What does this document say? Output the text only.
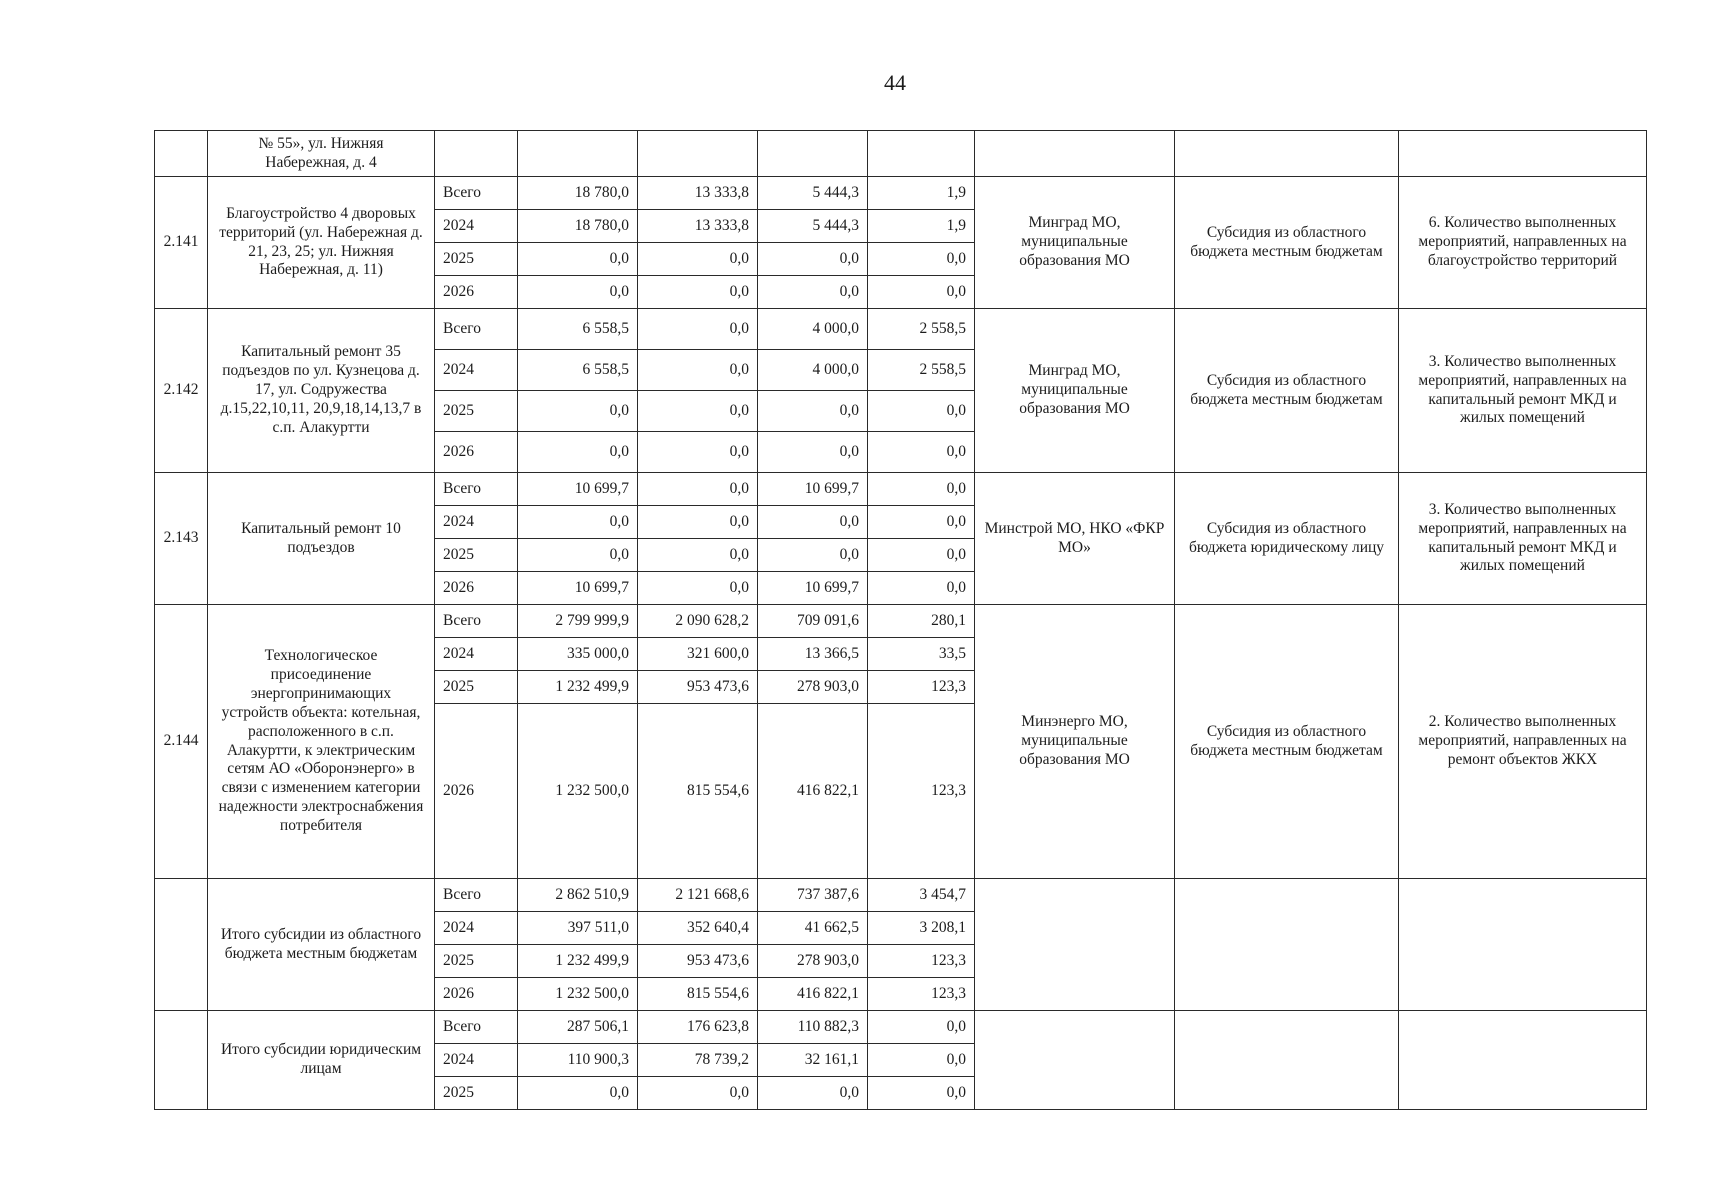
44
	№ 55», ул. Нижняя Набережная, д. 4								
2.141	Благоустройство 4 дворовых территорий (ул. Набережная д. 21, 23, 25; ул. Нижняя Набережная, д. 11)	Всего	18 780,0	13 333,8	5 444,3	1,9	Минград МО, муниципальные образования МО	Субсидия из областного бюджета местным бюджетам	6. Количество выполненных мероприятий, направленных на благоустройство территорий
		2024	18 780,0	13 333,8	5 444,3	1,9			
		2025	0,0	0,0	0,0	0,0			
		2026	0,0	0,0	0,0	0,0			
2.142	Капитальный ремонт 35 подъездов по ул. Кузнецова д. 17, ул. Содружества д.15,22,10,11, 20,9,18,14,13,7 в с.п. Алакуртти	Всего	6 558,5	0,0	4 000,0	2 558,5	Минград МО, муниципальные образования МО	Субсидия из областного бюджета местным бюджетам	3. Количество выполненных мероприятий, направленных на капитальный ремонт МКД и жилых помещений
		2024	6 558,5	0,0	4 000,0	2 558,5			
		2025	0,0	0,0	0,0	0,0			
		2026	0,0	0,0	0,0	0,0			
2.143	Капитальный ремонт 10 подъездов	Всего	10 699,7	0,0	10 699,7	0,0	Минстрой МО, НКО «ФКР МО»	Субсидия из областного бюджета юридическому лицу	3. Количество выполненных мероприятий, направленных на капитальный ремонт МКД и жилых помещений
		2024	0,0	0,0	0,0	0,0			
		2025	0,0	0,0	0,0	0,0			
		2026	10 699,7	0,0	10 699,7	0,0			
2.144	Технологическое присоединение энергопринимающих устройств объекта: котельная, расположенного в с.п. Алакуртти, к электрическим сетям АО «Оборонэнерго» в связи с изменением категории надежности электроснабжения потребителя	Всего	2 799 999,9	2 090 628,2	709 091,6	280,1	Минэнерго МО, муниципальные образования МО	Субсидия из областного бюджета местным бюджетам	2. Количество выполненных мероприятий, направленных на ремонт объектов ЖКХ
		2024	335 000,0	321 600,0	13 366,5	33,5			
		2025	1 232 499,9	953 473,6	278 903,0	123,3			
		2026	1 232 500,0	815 554,6	416 822,1	123,3			
	Итого субсидии из областного бюджета местным бюджетам	Всего	2 862 510,9	2 121 668,6	737 387,6	3 454,7			
		2024	397 511,0	352 640,4	41 662,5	3 208,1			
		2025	1 232 499,9	953 473,6	278 903,0	123,3			
		2026	1 232 500,0	815 554,6	416 822,1	123,3			
	Итого субсидии юридическим лицам	Всего	287 506,1	176 623,8	110 882,3	0,0			
		2024	110 900,3	78 739,2	32 161,1	0,0			
		2025	0,0	0,0	0,0	0,0			
